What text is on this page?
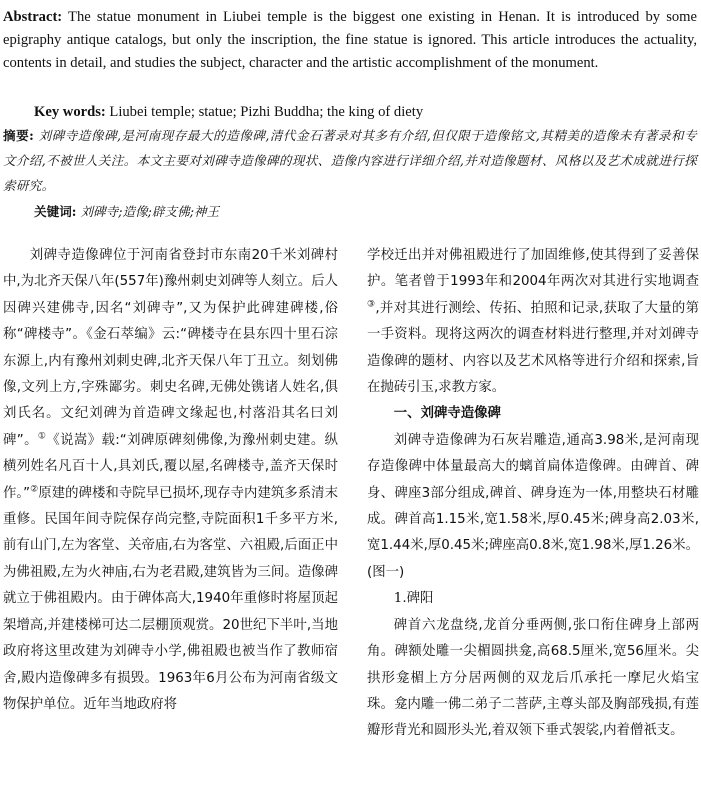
Abstract: The statue monument in Liubei temple is the biggest one existing in Henan. It is introduced by some epigraphy antique catalogs, but only the inscription, the fine statue is ignored. This article introduces the actuality, contents in detail, and studies the subject, character and the artistic accomplishment of the monument.
Key words: Liubei temple; statue; Pizhi Buddha; the king of diety
摘要: 刘碑寺造像碑,是河南现存最大的造像碑,清代金石著录对其多有介绍,但仅限于造像铭文,其精美的造像未有著录和专文介绍,不被世人关注。本文主要对刘碑寺造像碑的现状、造像内容进行详细介绍,并对造像题材、风格以及艺术成就进行探索研究。
关键词: 刘碑寺;造像;辟支佛;神王

刘碑寺造像碑位于河南省登封市东南20千米刘碑村中,为北齐天保八年(557年)豫州刺史刘碑等人刻立。后人因碑兴建佛寺,因名“刘碑寺”,又为保护此碑建碑楼,俗称“碑楼寺”。《金石萃编》云:“碑楼寺在县东四十里石淙东源上,内有豫州刘刺史碑,北齐天保八年丁丑立。刻划佛像,文列上方,字殊鄙劣。刺史名碑,无佛处镌诸人姓名,俱刘氏名。文纪刘碑为首造碑文缘起也,村落沿其名曰刘碑”。①《说嵩》载:“刘碑原碑刻佛像,为豫州刺史建。纵横列姓名凡百十人,具刘氏,覆以屋,名碑楼寺,盖齐天保时作。”②原建的碑楼和寺院早已损坏,现存寺内建筑多系清末重修。民国年间寺院保存尚完整,寺院面积1千多平方米,前有山门,左为客堂、关帝庙,右为客堂、六祖殿,后面正中为佛祖殿,左为火神庙,右为老君殿,建筑皆为三间。造像碑就立于佛祖殿内。由于碑体高大,1940年重修时将屋顶起架增高,并建楼梯可达二层棚顶观赏。20世纪下半叶,当地政府将这里改建为刘碑寺小学,佛祖殿也被当作了教师宿舍,殿内造像碑多有损毁。1963年6月公布为河南省级文物保护单位。近年当地政府将

学校迁出并对佛祖殿进行了加固维修,使其得到了妥善保护。笔者曾于1993年和2004年两次对其进行实地调查③,并对其进行测绘、传拓、拍照和记录,获取了大量的第一手资料。现将这两次的调查材料进行整理,并对刘碑寺造像碑的题材、内容以及艺术风格等进行介绍和探索,旨在抛砖引玉,求教方家。

一、刘碑寺造像碑

刘碑寺造像碑为石灰岩雕造,通高3.98米,是河南现存造像碑中体量最高大的螭首扁体造像碑。由碑首、碑身、碑座3部分组成,碑首、碑身连为一体,用整块石材雕成。碑首高1.15米,宽1.58米,厚0.45米;碑身高2.03米,宽1.44米,厚0.45米;碑座高0.8米,宽1.98米,厚1.26米。(图一)

1.碑阳

碑首六龙盘绕,龙首分垂两侧,张口衔住碑身上部两角。碑额处雕一尖楣圆拱龛,高68.5厘米,宽56厘米。尖拱形龛楣上方分居两侧的双龙后爪承托一摩尼火焰宝珠。龛内雕一佛二弟子二菩萨,主尊头部及胸部残损,有莲瓣形背光和圆形头光,着双领下垂式袈裟,内着僧祇支。
